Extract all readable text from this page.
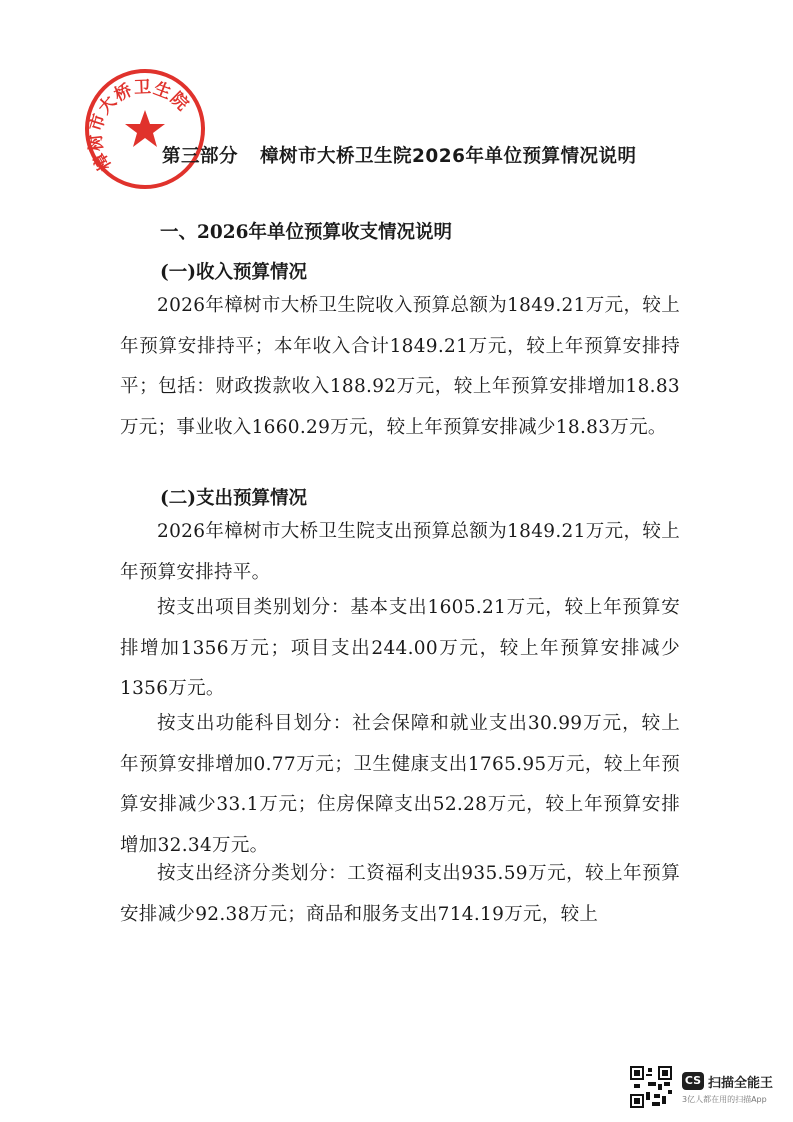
樟树市大桥卫生院
第三部分 樟树市大桥卫生院2026年单位预算情况说明
一、2026年单位预算收支情况说明
(一)收入预算情况
2026年樟树市大桥卫生院收入预算总额为1849.21万元，较上年预算安排持平；本年收入合计1849.21万元，较上年预算安排持平；包括：财政拨款收入188.92万元，较上年预算安排增加18.83万元；事业收入1660.29万元，较上年预算安排减少18.83万元。
(二)支出预算情况
2026年樟树市大桥卫生院支出预算总额为1849.21万元，较上年预算安排持平。
按支出项目类别划分：基本支出1605.21万元，较上年预算安排增加1356万元；项目支出244.00万元，较上年预算安排减少1356万元。
按支出功能科目划分：社会保障和就业支出30.99万元，较上年预算安排增加0.77万元；卫生健康支出1765.95万元，较上年预算安排减少33.1万元；住房保障支出52.28万元，较上年预算安排增加32.34万元。
按支出经济分类划分：工资福利支出935.59万元，较上年预算安排减少92.38万元；商品和服务支出714.19万元，较上
CS 扫描全能王
3亿人都在用的扫描App
